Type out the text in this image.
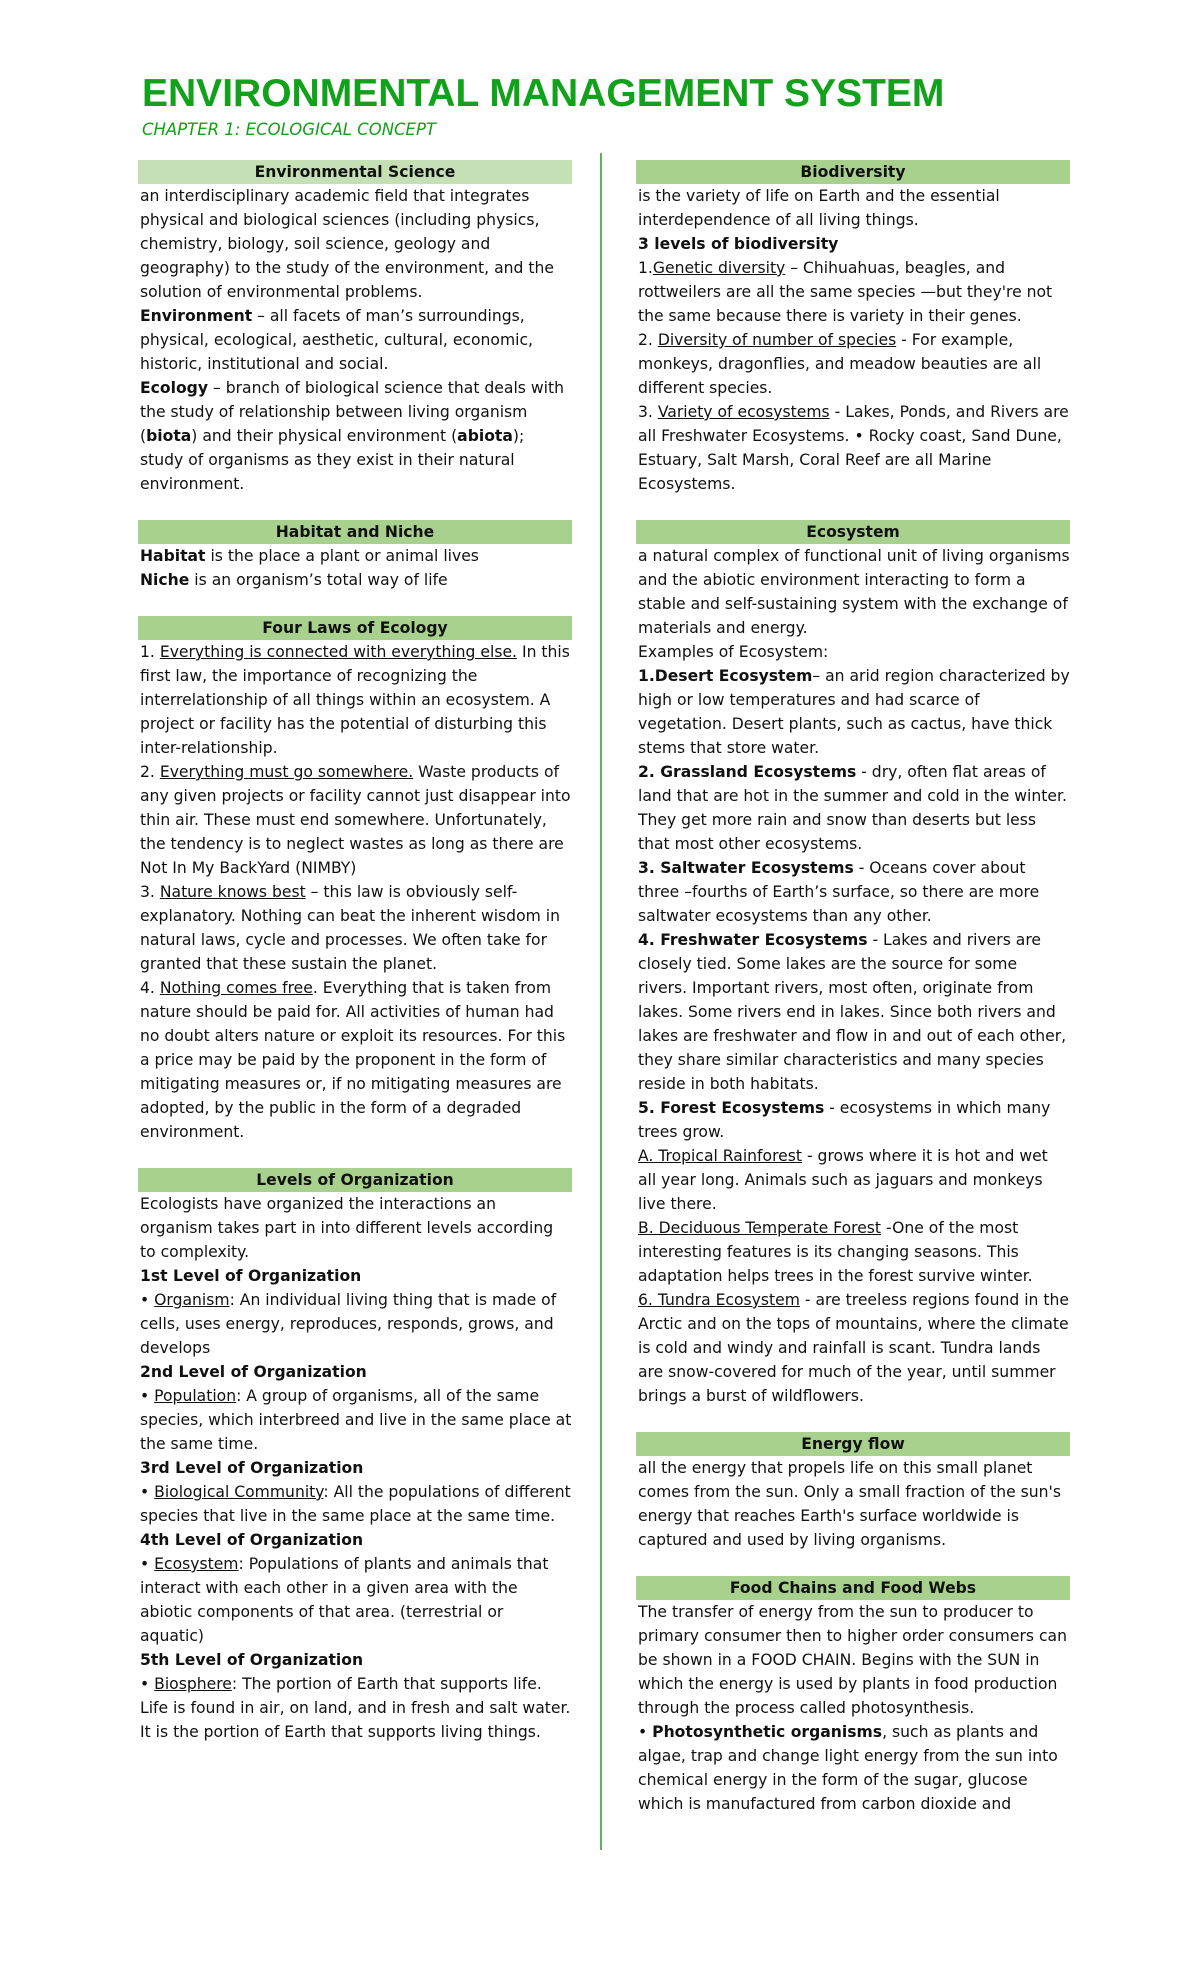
ENVIRONMENTAL MANAGEMENT SYSTEM
CHAPTER 1: ECOLOGICAL CONCEPT
Environmental Science

an interdisciplinary academic field that integrates physical and biological sciences (including physics, chemistry, biology, soil science, geology and geography) to the study of the environment, and the solution of environmental problems.

Environment – all facets of man’s surroundings, physical, ecological, aesthetic, cultural, economic, historic, institutional and social.

Ecology – branch of biological science that deals with the study of relationship between living organism (biota) and their physical environment (abiota); study of organisms as they exist in their natural environment.

Habitat and Niche

Habitat is the place a plant or animal lives

Niche is an organism’s total way of life

Four Laws of Ecology

1. Everything is connected with everything else. In this first law, the importance of recognizing the interrelationship of all things within an ecosystem. A project or facility has the potential of disturbing this inter-relationship.

2. Everything must go somewhere. Waste products of any given projects or facility cannot just disappear into thin air. These must end somewhere. Unfortunately, the tendency is to neglect wastes as long as there are Not In My BackYard (NIMBY)

3. Nature knows best – this law is obviously self-explanatory. Nothing can beat the inherent wisdom in natural laws, cycle and processes. We often take for granted that these sustain the planet.

4. Nothing comes free. Everything that is taken from nature should be paid for. All activities of human had no doubt alters nature or exploit its resources. For this a price may be paid by the proponent in the form of mitigating measures or, if no mitigating measures are adopted, by the public in the form of a degraded environment.

Levels of Organization

Ecologists have organized the interactions an organism takes part in into different levels according to complexity.

1st Level of Organization

• Organism: An individual living thing that is made of cells, uses energy, reproduces, responds, grows, and develops

2nd Level of Organization

• Population: A group of organisms, all of the same species, which interbreed and live in the same place at the same time.

3rd Level of Organization

• Biological Community: All the populations of different species that live in the same place at the same time.

4th Level of Organization

• Ecosystem: Populations of plants and animals that interact with each other in a given area with the abiotic components of that area. (terrestrial or aquatic)

5th Level of Organization

• Biosphere: The portion of Earth that supports life. Life is found in air, on land, and in fresh and salt water. It is the portion of Earth that supports living things.

Biodiversity

is the variety of life on Earth and the essential interdependence of all living things.

3 levels of biodiversity

1.Genetic diversity – Chihuahuas, beagles, and rottweilers are all the same species —but they're not the same because there is variety in their genes.

2. Diversity of number of species - For example, monkeys, dragonflies, and meadow beauties are all different species.

3. Variety of ecosystems - Lakes, Ponds, and Rivers are all Freshwater Ecosystems. • Rocky coast, Sand Dune, Estuary, Salt Marsh, Coral Reef are all Marine Ecosystems.

Ecosystem

a natural complex of functional unit of living organisms and the abiotic environment interacting to form a stable and self-sustaining system with the exchange of materials and energy.

Examples of Ecosystem:

1.Desert Ecosystem– an arid region characterized by high or low temperatures and had scarce of vegetation. Desert plants, such as cactus, have thick stems that store water.

2. Grassland Ecosystems - dry, often flat areas of land that are hot in the summer and cold in the winter. They get more rain and snow than deserts but less that most other ecosystems.

3. Saltwater Ecosystems - Oceans cover about three –fourths of Earth’s surface, so there are more saltwater ecosystems than any other.

4. Freshwater Ecosystems - Lakes and rivers are closely tied. Some lakes are the source for some rivers. Important rivers, most often, originate from lakes. Some rivers end in lakes. Since both rivers and lakes are freshwater and flow in and out of each other, they share similar characteristics and many species reside in both habitats.

5. Forest Ecosystems - ecosystems in which many trees grow.

A. Tropical Rainforest - grows where it is hot and wet all year long. Animals such as jaguars and monkeys live there.

B. Deciduous Temperate Forest -One of the most interesting features is its changing seasons. This adaptation helps trees in the forest survive winter.

6. Tundra Ecosystem - are treeless regions found in the Arctic and on the tops of mountains, where the climate is cold and windy and rainfall is scant. Tundra lands are snow-covered for much of the year, until summer brings a burst of wildflowers.

Energy flow

all the energy that propels life on this small planet comes from the sun. Only a small fraction of the sun's energy that reaches Earth's surface worldwide is captured and used by living organisms.

Food Chains and Food Webs

The transfer of energy from the sun to producer to primary consumer then to higher order consumers can be shown in a FOOD CHAIN. Begins with the SUN in which the energy is used by plants in food production through the process called photosynthesis.

• Photosynthetic organisms, such as plants and algae, trap and change light energy from the sun into chemical energy in the form of the sugar, glucose which is manufactured from carbon dioxide and
